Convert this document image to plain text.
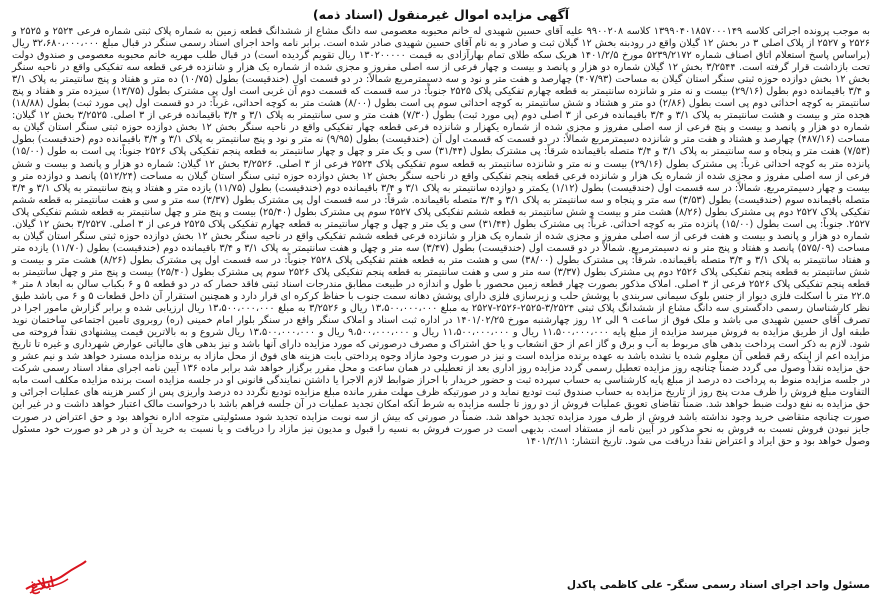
آگهی مزایده اموال غیرمنقول (اسناد ذمه)

به موجب پرونده اجرائی کلاسه ۱۳۹۹۰۴۰۱۸۵۷۰۰۰۱۴۹ کلاسه ۹۹۰۰۲۰۸ علیه آقای حسین شهیدی له خانم محبوبه معصومی سه دانگ مشاع از ششدانگ قطعه زمین به شماره پلاک ثبتی شماره فرعی ۲۵۲۴ و ۲۵۲۵ و ۲۵۲۶ و ۲۵۲۷ از پلاک اصلی ۳ در بخش ۱۲ گیلان واقع در رودبنه بخش ۱۲ گیلان ثبت و صادر و به نام آقای حسین شهیدی صادر شده است. برابر نامه واحد اجرای اسناد رسمی سنگر در قبال مبلغ ۳۲،۶۸۰،۰۰۰،۰۰۰ ریال (براساس پاسخ استعلام اتاق اصناف شماره ۵۲۳۹/۲۱۷۲ مورخ ۱۴۰۱/۲/۵ هریک سکه طلای تمام بهارآزادی به قیمت ۱۳۰۲۰۰۰۰۰ ریال تقویم گردیده است) در قبال طلب مهریه خانم محبوبه معصومی و صندوق دولت تحت بازداشت قرار گرفته است. ۳/۲۵۴۴ بخش ۱۲ گیلان شماره دو هزار و پانصد و بیست و چهار فرعی از سه اصلی مفروز و مجزی شده از شماره یک هزار و شانزده فرعی قطعه سه تفکیکی واقع در ناحیه سنگر بخش ۱۲ بخش دوازده حوزه ثبتی سنگر استان گیلان به مساحت (۴۰۷/۹۳) چهارصد و هفت متر و نود و سه دسیمترمربع شمالاً: در دو قسمت اول (خندقیست) بطول (۱۰/۷۵) ده متر و هفتاد و پنج سانتیمتر به پلاک ۳/۱ و ۳/۴ باقیمانده دوم بطول (۲۹/۱۶) بیست و نه متر و شانزده سانتیمتر به قطعه چهارم تفکیکی پلاک ۲۵۲۵ جنوباً: در سه قسمت که قسمت دوم آن غربی است اول پی مشترک بطول (۱۳/۷۵) سیزده متر و هفتاد و پنج سانتیمتر به کوچه احداثی دوم پی است بطول (۲/۸۶) دو متر و هشتاد و شش سانتیمتر به کوچه احداثی سوم پی است بطول (۸/۰۰) هشت متر به کوچه احداثی، غرباً: در دو قسمت اول (پی مورد ثبت) بطول (۱۸/۸۸) هجده متر و بیست و هشت سانتیمتر به پلاک ۳/۱ و ۳/۴ باقیمانده فرعی از ۳ اصلی دوم (پی مورد ثبت) بطول (۷/۳۰) هفت متر و سی سانتیمتر به پلاک ۳/۱ و ۳/۴ باقیمانده فرعی از ۳ اصلی. ۳/۲۵۲۵ بخش ۱۲ گیلان: شماره دو هزار و پانصد و بیست و پنج فرعی از سه اصلی مفروز و مجزی شده از شماره یکهزار و شانزده فرعی قطعه چهار تفکیکی واقع در ناحیه سنگر بخش ۱۲ بخش دوازده حوزه ثبتی سنگر استان گیلان به مساحت (۴۸۷/۱۶) چهارصد و هشتاد و هفت متر و شانزده دسیمترمربع شمالاً: در دو قسمت که قسمت اول آن (خندقیست) بطول (۹/۹۵) نه متر و نود و پنج سانتیمتر به پلاک ۳/۱ و ۳/۴ باقیمانده دوم (خندقیست) بطول (۷/۵۳) هفت متر و پنجاه و سه سانتیمتر به پلاک ۳/۱ و ۳/۴ متصله باقیمانده شرقاً: پی مشترک بطول (۳۱/۴۴) سی و یک متر و چهل و چهار سانتیمتر به قطعه پنجم تفکیکی پلاک ۲۵۲۶ جنوباً: پی است به طول (۱۵/۰۰) پانزده متر به کوچه احداثی غرباً: پی مشترک بطول (۲۹/۱۶) بیست و نه متر و شانزده سانتیمتر به قطعه سوم تفکیکی پلاک ۲۵۲۴ فرعی از ۳ اصلی. ۳/۲۵۲۶ بخش ۱۲ گیلان: شماره دو هزار و پانصد و بیست و شش فرعی از سه اصلی مفروز و مجزی شده از شماره یک هزار و شانزده فرعی قطعه پنجم تفکیکی واقع در ناحیه سنگر بخش ۱۲ بخش دوازده حوزه ثبتی سنگر استان گیلان به مساحت (۵۱۲/۲۴) پانصد و دوازده متر و بیست و چهار دسیمترمربع. شمالاً: در سه قسمت اول (خندقیست) بطول (۱/۱۲) یکمتر و دوازده سانتیمتر به پلاک ۳/۱ و ۳/۴ باقیمانده دوم (خندقیست) بطول (۱۱/۷۵) یازده متر و هفتاد و پنج سانتیمتر به پلاک ۳/۱ و ۳/۴ متصله باقیمانده سوم (خندقیست) بطول (۳/۵۳) سه متر و پنجاه و سه سانتیمتر به پلاک ۳/۱ و ۳/۴ متصله باقیمانده. شرقاً: در سه قسمت اول پی مشترک بطول (۳/۳۷) سه متر و سی و هفت سانتیمتر به قطعه ششم تفکیکی پلاک ۲۵۲۷ دوم پی مشترک بطول (۸/۲۶) هشت متر و بیست و شش سانتیمتر به قطعه ششم تفکیکی پلاک ۲۵۲۷ سوم پی مشترک بطول (۲۵/۴۰) بیست و پنج متر و چهل سانتیمتر به قطعه ششم تفکیکی پلاک ۲۵۲۷. جنوباً: پی است بطول (۱۵/۰۰) پانزده متر به کوچه احداثی. غرباً: پی مشترک بطول (۳۱/۴۴) سی و یک متر و چهل و چهار سانتیمتر به قطعه چهارم تفکیکی پلاک ۲۵۲۵ فرعی از ۳ اصلی. ۳/۲۵۲۷ بخش ۱۲ گیلان. شماره دو هزار و پانصد و بیست و هفت فرعی از سه اصلی مفروز و مجزی شده از شماره یک هزار و شانزده فرعی قطعه ششم تفکیکی واقع در ناحیه سنگر بخش ۱۲ بخش دوازده حوزه ثبتی سنگر استان گیلان به مساحت (۵۷۵/۰۹) پانصد و هفتاد و پنج متر و نه دسیمترمربع. شمالاً در دو قسمت اول (خندقیست) بطول (۳/۴۷) سه متر و چهل و هفت سانتیمتر به پلاک ۳/۱ و ۳/۴ باقیمانده دوم (خندقیست) بطول (۱۱/۷۰) یازده متر و هفتاد سانتیمتر به پلاک ۳/۱ و ۳/۴ متصله باقیمانده. شرقاً: پی مشترک بطول (۳۸/۰۰) سی و هشت متر به قطعه هفتم تفکیکی پلاک ۲۵۲۸ جنوباً: در سه قسمت اول پی مشترک بطول (۸/۲۶) هشت متر و بیست و شش سانتیمتر به قطعه پنجم تفکیکی پلاک ۲۵۲۶ دوم پی مشترک بطول (۳/۳۷) سه متر و سی و هفت سانتیمتر به قطعه پنجم تفکیکی پلاک ۲۵۲۶ سوم پی مشترک بطول (۲۵/۴۰) بیست و پنج متر و چهل سانتیمتر به قطعه پنجم تفکیکی پلاک ۲۵۲۶ فرعی از ۳ اصلی. املاک مذکور بصورت چهار قطعه زمین محصور با طول و اندازه در طبیعت مطابق مندرجات اسناد ثبتی فاقد حصار که در دو قطعه ۵ و ۶ بکباب سالن به ابعاد ۸ متر * ۲۲.۵ متر با اسکلت فلزی دیوار از جنس بلوک سیمانی سربندی با پوشش حلب و زیرسازی فلزی دارای پوشش دهانه سمت جنوب با حفاظ کرکره ای قرار دارد و همچنین استقرار آن داخل قطعات ۵ و ۶ می باشد طبق نظر کارشناسان رسمی دادگستری سه دانگ مشاع از ششدانگ پلاک ثبتی ۳/۲۵۲۴-۲۵۲۵-۲۵۲۶-۲۵۲۷ به مبلغ ۱۳،۵۰۰،۰۰۰،۰۰۰ ریال و ۳/۲۵۲۶ به مبلغ ۱۳،۵۰۰،۰۰۰،۰۰۰ ریال ارزیابی شده و برابر گزارش مامور اجرا در تصرف آقای حسین شهیدی می باشد و ملک فوق از ساعت ۹ الی ۱۲ روز چهارشنبه مورخ ۱۴۰۱/۰۲/۲۵ در اداره ثبت اسناد و املاک سنگر واقع در سنگر بلوار امام خمینی (ره) روبروی تامین اجتماعی ساختمان نوید طبقه اول از طریق مزایده به فروش میرسد مزایده از مبلغ پایه ۱۱،۵۰۰،۰۰۰،۰۰۰ ریال و ۱۱،۵۰۰،۰۰۰،۰۰۰ ریال و ۹،۵۰۰،۰۰۰،۰۰۰ ریال و ۱۳،۵۰۰،۰۰۰،۰۰۰ ریال شروع و به بالاترین قیمت پیشنهادی نقداً فروخته می شود. لازم به ذکر است پرداخت بدهی های مربوط به آب و برق و گاز اعم از حق انشعاب و یا حق اشتراک و مصرف درصورتی که مورد مزایده دارای آنها باشد و نیز بدهی های مالیاتی عوارض شهرداری و غیره تا تاریخ مزایده اعم از اینکه رقم قطعی آن معلوم شده یا نشده باشد به عهده برنده مزایده است و نیز در صورت وجود مازاد وجوه پرداختی بابت هزینه های فوق از محل مازاد به برنده مزایده مسترد خواهد شد و نیم عشر و حق مزایده نقداً وصول می گردد ضمناً چنانچه روز مزایده تعطیل رسمی گردد مزایده روز اداری بعد از تعطیلی در همان ساعت و محل مقرر برگزار خواهد شد برابر ماده ۱۳۶ آیین نامه اجرای مفاد اسناد رسمی شرکت در جلسه مزایده منوط به پرداخت ده درصد از مبلغ پایه کارشناسی به حساب سپرده ثبت و حضور خریدار با احراز ضوابط لازم الاجرا یا داشتن نمایندگی قانونی او در جلسه مزایده است برنده مزایده مکلف است مابه التفاوت مبلغ فروش را ظرف مدت پنج روز از تاریخ مزایده به حساب صندوق ثبت تودیع نماید و در صورتیکه ظرف مهلت مقرر مانده مبلغ مزایده تودیع نگردد ده درصد واریزی پس از کسر هزینه های عملیات اجرائی و حق مزایده به نفع دولت ضبط خواهد شد. ضمناً تقاضای تعویق عملیات فروش از دو روز تا جلسه مزایده به شرط آنکه امکان تجدید عملیات در آن جلسه فراهم باشد با درخواست مالک اعتبار خواهد داشت و در غیر این صورت چنانچه متقاضی خرید وجود نداشته باشد فروش از طرف مورد مزایده تجدید خواهد شد. ضمناً در صورتی که بیش از سه نوبت مزایده تجدید شود مسئولیتی متوجه اداره نخواهد بود و حق اعتراض در صورت جایز نبودن فروش نسبت به فروش به نحو مذکور در آیین نامه از مستفاد است. بدیهی است در صورت فروش به نسیه را قبول و مدیون نیز مازاد را دریافت و یا نسبت به خرید آن و در هر دو صورت خود مسئول وصول خواهد بود و حق ایراد و اعتراض نقداً دریافت می شود. تاریخ انتشار: ۱۴۰۱/۲/۱۱

مسئول واحد اجرای اسناد رسمی سنگر- علی کاظمی پاکدل
ابلاغ
